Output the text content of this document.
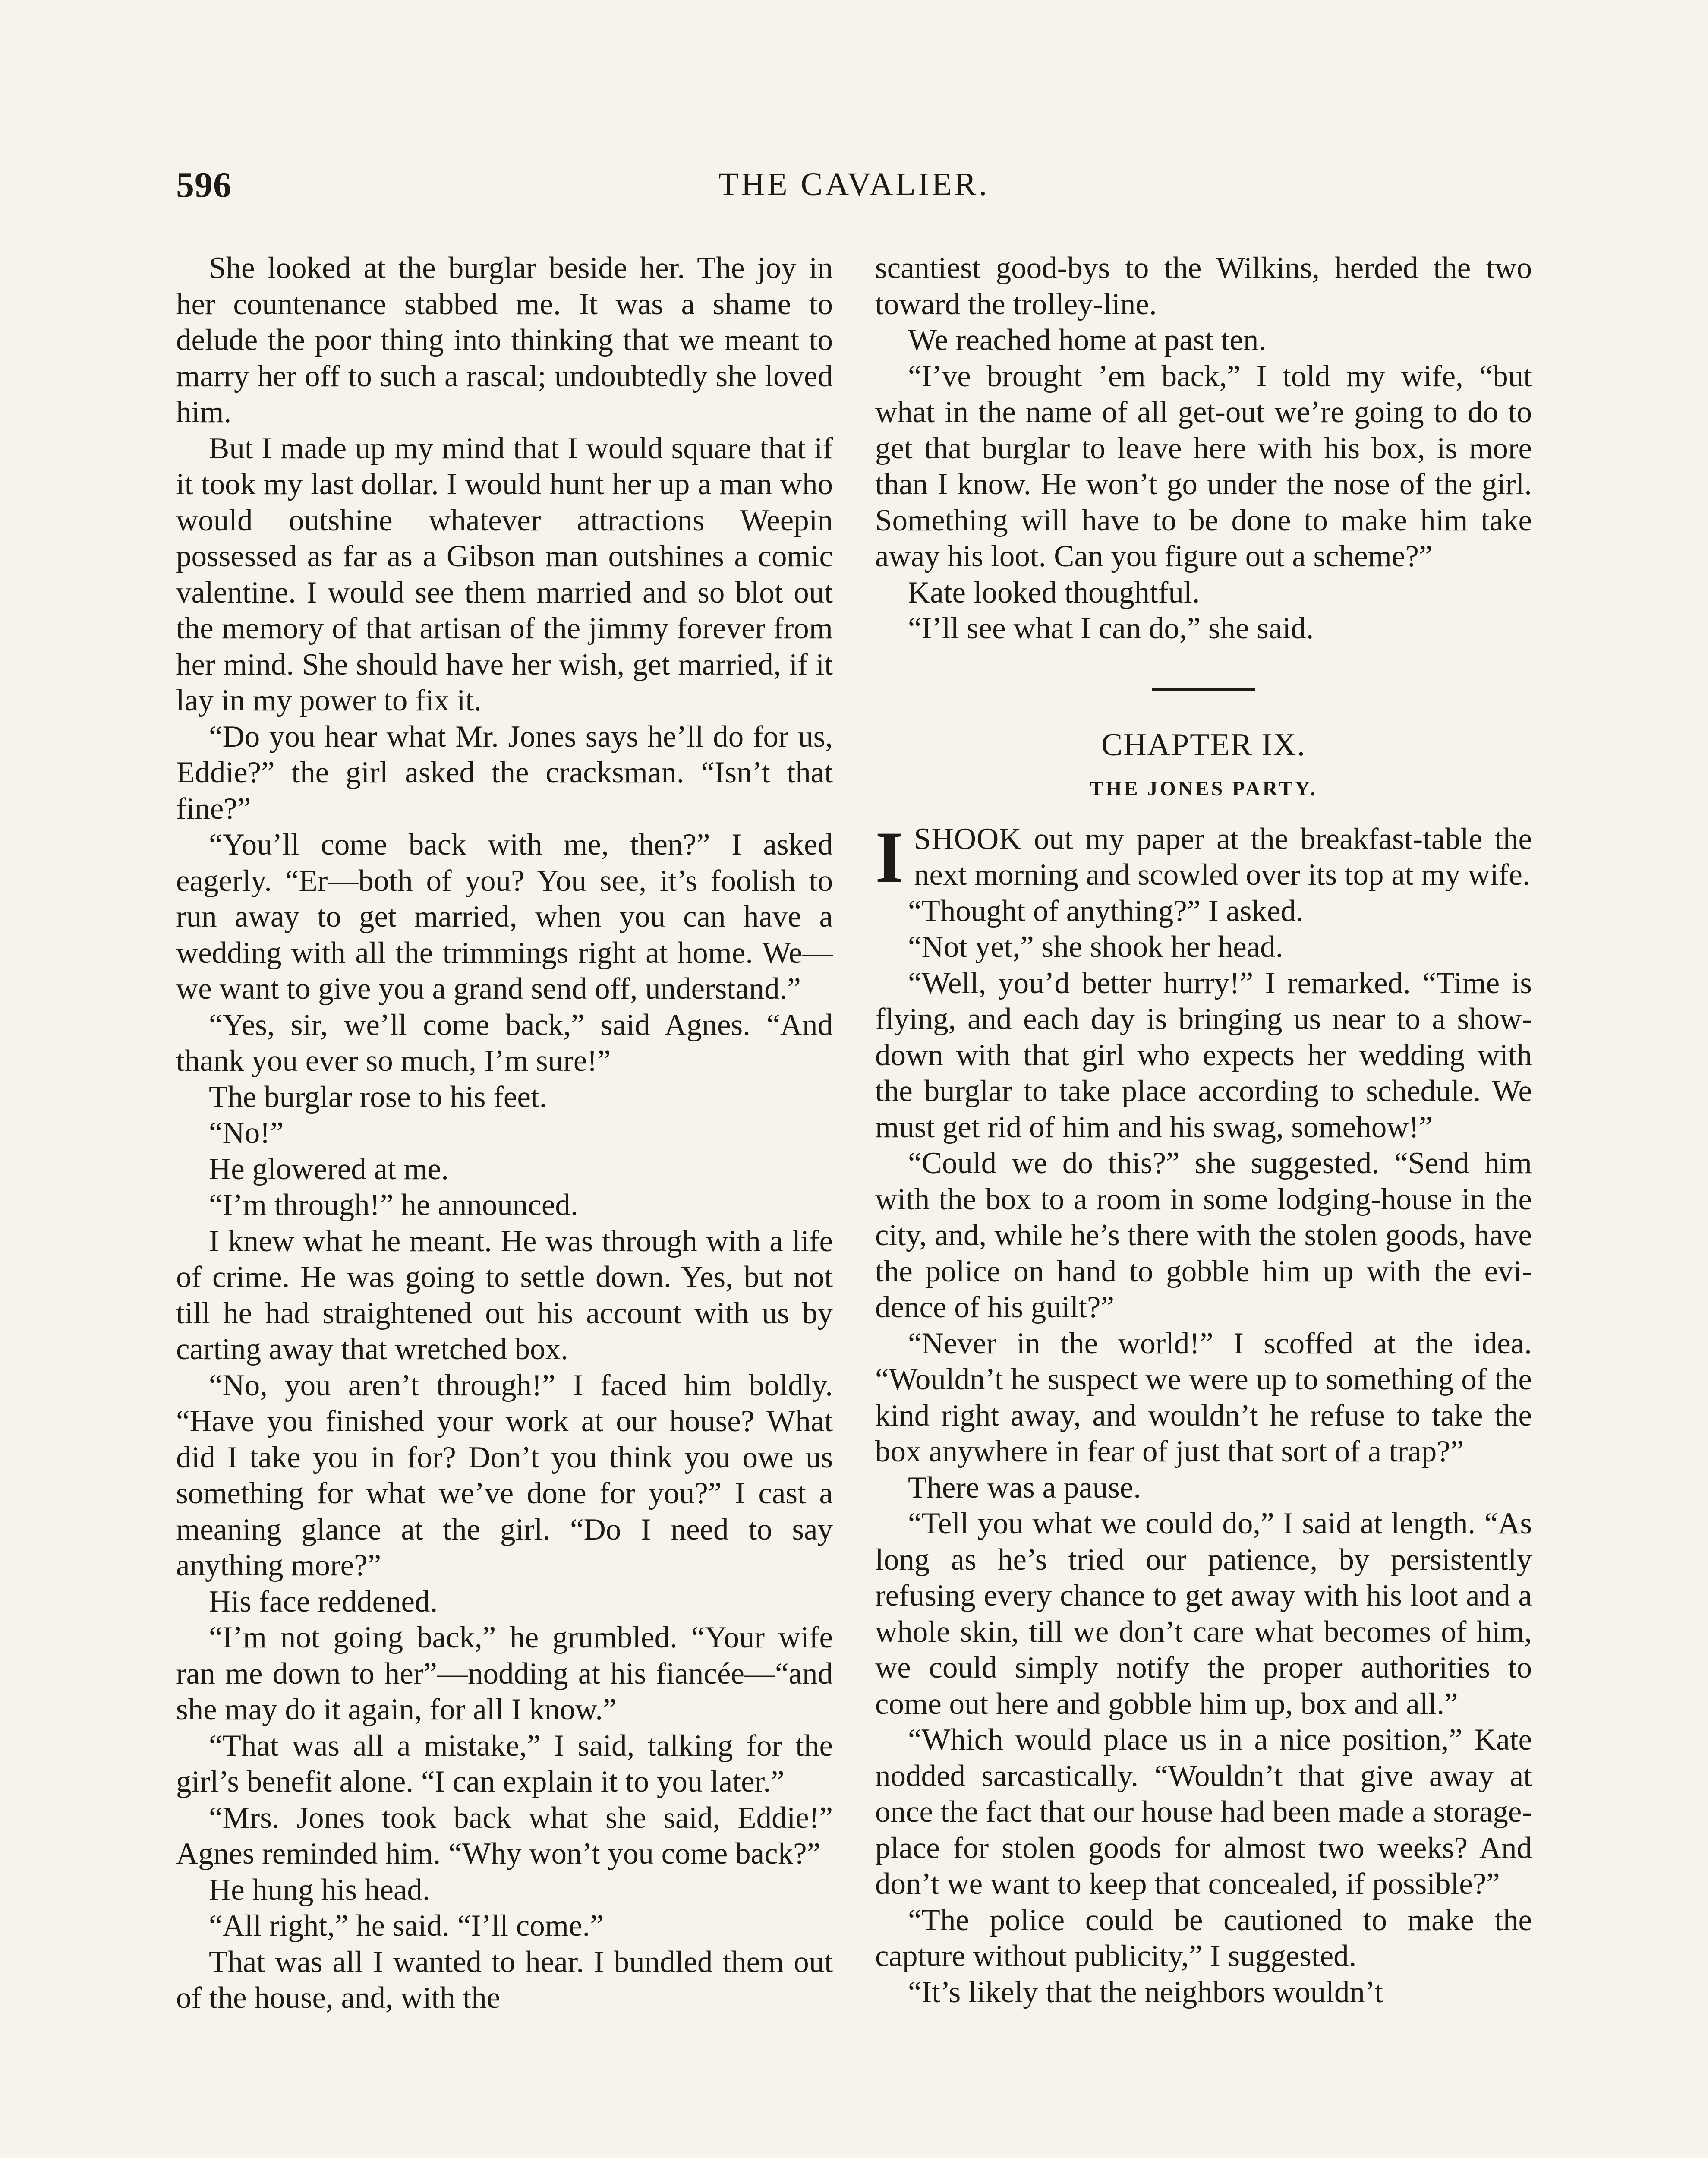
596	THE CAVALIER.

She looked at the burglar beside her. The joy in her countenance stabbed me. It was a shame to delude the poor thing into thinking that we meant to marry her off to such a rascal; undoubtedly she loved him.

But I made up my mind that I would square that if it took my last dollar. I would hunt her up a man who would outshine whatever attractions Weepin possessed as far as a Gibson man outshines a comic valentine. I would see them married and so blot out the memory of that artisan of the jimmy forever from her mind. She should have her wish, get married, if it lay in my power to fix it.

“Do you hear what Mr. Jones says he’ll do for us, Eddie?” the girl asked the cracksman. “Isn’t that fine?”

“You’ll come back with me, then?” I asked eagerly. “Er—both of you? You see, it’s foolish to run away to get married, when you can have a wedding with all the trimmings right at home. We—we want to give you a grand send off, understand.”

“Yes, sir, we’ll come back,” said Agnes. “And thank you ever so much, I’m sure!”

The burglar rose to his feet.

“No!”

He glowered at me.

“I’m through!” he announced.

I knew what he meant. He was through with a life of crime. He was going to settle down. Yes, but not till he had straightened out his account with us by carting away that wretched box.

“No, you aren’t through!” I faced him boldly. “Have you finished your work at our house? What did I take you in for? Don’t you think you owe us something for what we’ve done for you?” I cast a meaning glance at the girl. “Do I need to say anything more?”

His face reddened.

“I’m not going back,” he grumbled. “Your wife ran me down to her”—nodding at his fiancée—“and she may do it again, for all I know.”

“That was all a mistake,” I said, talking for the girl’s benefit alone. “I can explain it to you later.”

“Mrs. Jones took back what she said, Eddie!” Agnes reminded him. “Why won’t you come back?”

He hung his head.

“All right,” he said. “I’ll come.”

That was all I wanted to hear. I bundled them out of the house, and, with the

scantiest good-bys to the Wilkins, herded the two toward the trolley-line.

We reached home at past ten.

“I’ve brought ’em back,” I told my wife, “but what in the name of all get-out we’re going to do to get that burglar to leave here with his box, is more than I know. He won’t go under the nose of the girl. Something will have to be done to make him take away his loot. Can you figure out a scheme?”

Kate looked thoughtful.

“I’ll see what I can do,” she said.

CHAPTER IX.
THE JONES PARTY.

I SHOOK out my paper at the breakfast-table the next morning and scowled over its top at my wife.

“Thought of anything?” I asked.

“Not yet,” she shook her head.

“Well, you’d better hurry!” I remarked. “Time is flying, and each day is bringing us near to a show-down with that girl who expects her wedding with the burglar to take place according to schedule. We must get rid of him and his swag, somehow!”

“Could we do this?” she suggested. “Send him with the box to a room in some lodging-house in the city, and, while he’s there with the stolen goods, have the police on hand to gobble him up with the evidence of his guilt?”

“Never in the world!” I scoffed at the idea. “Wouldn’t he suspect we were up to something of the kind right away, and wouldn’t he refuse to take the box anywhere in fear of just that sort of a trap?”

There was a pause.

“Tell you what we could do,” I said at length. “As long as he’s tried our patience, by persistently refusing every chance to get away with his loot and a whole skin, till we don’t care what becomes of him, we could simply notify the proper authorities to come out here and gobble him up, box and all.”

“Which would place us in a nice position,” Kate nodded sarcastically. “Wouldn’t that give away at once the fact that our house had been made a storage-place for stolen goods for almost two weeks? And don’t we want to keep that concealed, if possible?”

“The police could be cautioned to make the capture without publicity,” I suggested.

“It’s likely that the neighbors wouldn’t
